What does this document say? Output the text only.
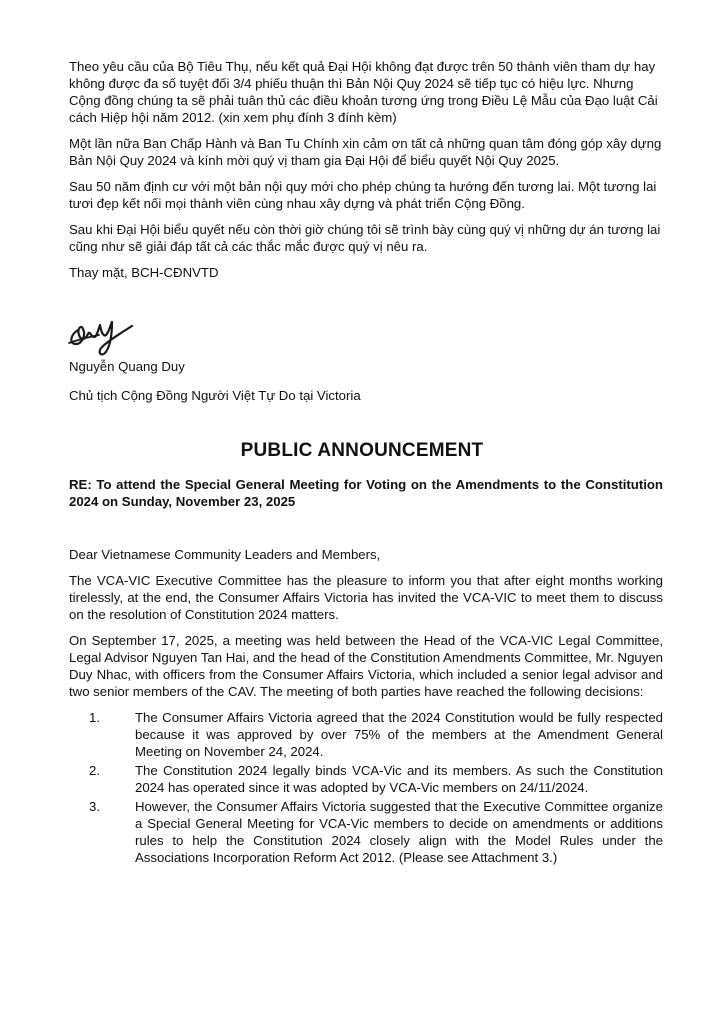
Theo yêu cầu của Bộ Tiêu Thụ, nếu kết quả Đại Hội không đạt được trên 50 thành viên tham dự hay không được đa số tuyệt đối 3/4 phiếu thuận thì Bản Nội Quy 2024 sẽ tiếp tục có hiệu lực. Nhưng Cộng đồng chúng ta sẽ phải tuân thủ các điều khoản tương ứng trong Điều Lệ Mẫu của Đạo luật Cải cách Hiệp hội năm 2012. (xin xem phụ đính 3 đính kèm)

Một lần nữa Ban Chấp Hành và Ban Tu Chính xin cảm ơn tất cả những quan tâm đóng góp xây dựng Bản Nội Quy 2024 và kính mời quý vị tham gia Đại Hội để biểu quyết Nội Quy 2025.

Sau 50 năm định cư với một bản nội quy mới cho phép chúng ta hướng đến tương lai. Một tương lai tươi đẹp kết nối mọi thành viên cùng nhau xây dựng và phát triển Cộng Đồng.

Sau khi Đại Hội biểu quyết nếu còn thời giờ chúng tôi sẽ trình bày cùng quý vị những dự án tương lai cũng như sẽ giải đáp tất cả các thắc mắc được quý vị nêu ra.

Thay mặt, BCH-CĐNVTD

Nguyễn Quang Duy
Chủ tịch Cộng Đồng Người Việt Tự Do tại Victoria
PUBLIC ANNOUNCEMENT
RE: To attend the Special General Meeting for Voting on the Amendments to the Constitution 2024 on Sunday, November 23, 2025

Dear Vietnamese Community Leaders and Members,

The VCA-VIC Executive Committee has the pleasure to inform you that after eight months working tirelessly, at the end, the Consumer Affairs Victoria has invited the VCA-VIC to meet them to discuss on the resolution of Constitution 2024 matters.

On September 17, 2025, a meeting was held between the Head of the VCA-VIC Legal Committee, Legal Advisor Nguyen Tan Hai, and the head of the Constitution Amendments Committee, Mr. Nguyen Duy Nhac, with officers from the Consumer Affairs Victoria, which included a senior legal advisor and two senior members of the CAV. The meeting of both parties have reached the following decisions:

1.	The Consumer Affairs Victoria agreed that the 2024 Constitution would be fully respected because it was approved by over 75% of the members at the Amendment General Meeting on November 24, 2024.
2.	The Constitution 2024 legally binds VCA-Vic and its members. As such the Constitution 2024 has operated since it was adopted by VCA-Vic members on 24/11/2024.
3.	However, the Consumer Affairs Victoria suggested that the Executive Committee organize a Special General Meeting for VCA-Vic members to decide on amendments or additions rules to help the Constitution 2024 closely align with the Model Rules under the Associations Incorporation Reform Act 2012. (Please see Attachment 3.)
